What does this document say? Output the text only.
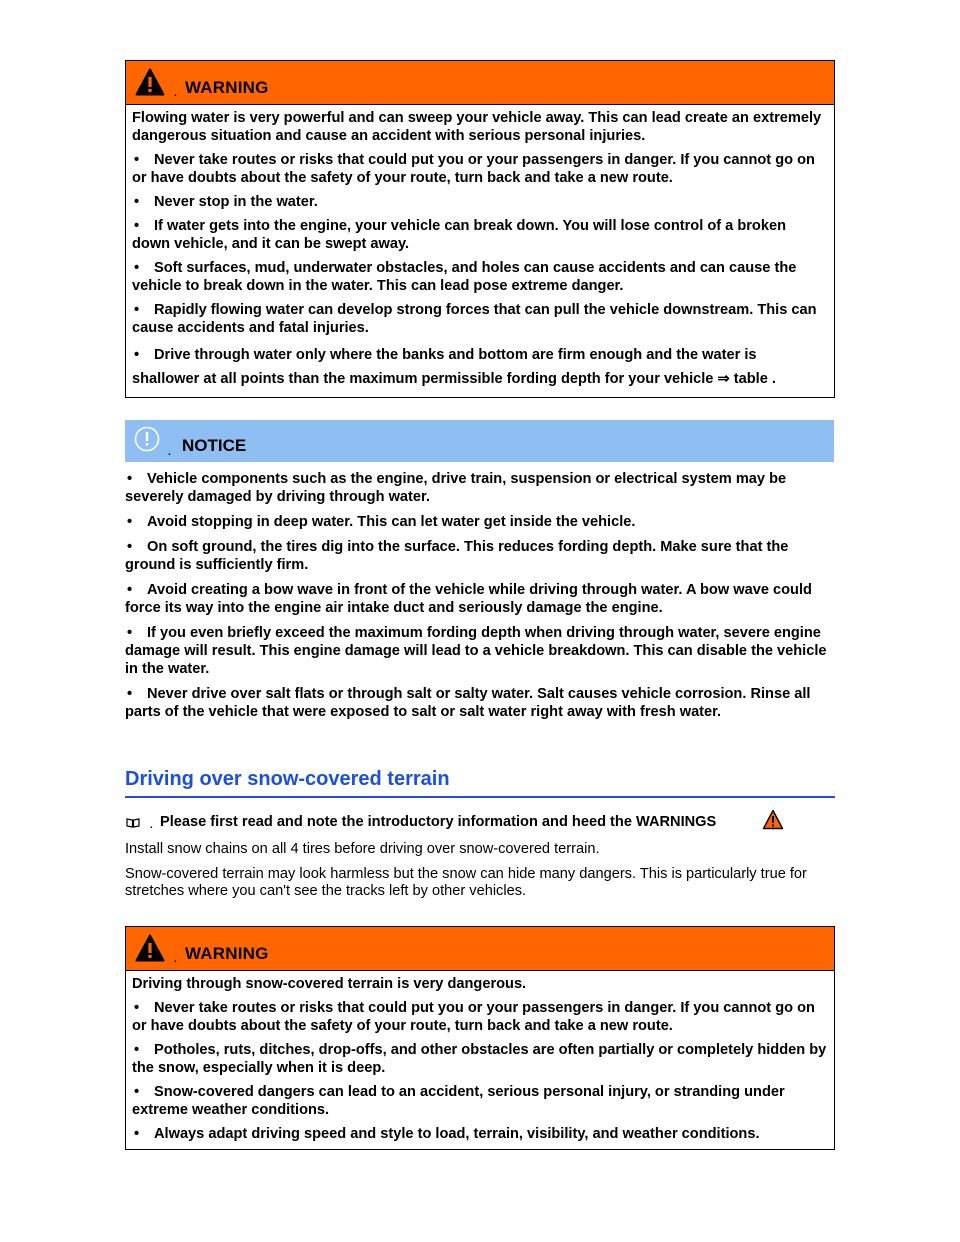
. WARNING

Flowing water is very powerful and can sweep your vehicle away. This can lead create an extremely dangerous situation and cause an accident with serious personal injuries.

• Never take routes or risks that could put you or your passengers in danger. If you cannot go on or have doubts about the safety of your route, turn back and take a new route.

• Never stop in the water.

• If water gets into the engine, your vehicle can break down. You will lose control of a broken down vehicle, and it can be swept away.

• Soft surfaces, mud, underwater obstacles, and holes can cause accidents and can cause the vehicle to break down in the water. This can lead pose extreme danger.

• Rapidly flowing water can develop strong forces that can pull the vehicle downstream. This can cause accidents and fatal injuries.

• Drive through water only where the banks and bottom are firm enough and the water is shallower at all points than the maximum permissible fording depth for your vehicle ⇒ table .

. NOTICE

• Vehicle components such as the engine, drive train, suspension or electrical system may be severely damaged by driving through water.

• Avoid stopping in deep water. This can let water get inside the vehicle.

• On soft ground, the tires dig into the surface. This reduces fording depth. Make sure that the ground is sufficiently firm.

• Avoid creating a bow wave in front of the vehicle while driving through water. A bow wave could force its way into the engine air intake duct and seriously damage the engine.

• If you even briefly exceed the maximum fording depth when driving through water, severe engine damage will result. This engine damage will lead to a vehicle breakdown. This can disable the vehicle in the water.

• Never drive over salt flats or through salt or salty water. Salt causes vehicle corrosion. Rinse all parts of the vehicle that were exposed to salt or salt water right away with fresh water.

Driving over snow-covered terrain
. Please first read and note the introductory information and heed the WARNINGS

Install snow chains on all 4 tires before driving over snow-covered terrain.

Snow-covered terrain may look harmless but the snow can hide many dangers. This is particularly true for stretches where you can't see the tracks left by other vehicles.

. WARNING

Driving through snow-covered terrain is very dangerous.

• Never take routes or risks that could put you or your passengers in danger. If you cannot go on or have doubts about the safety of your route, turn back and take a new route.

• Potholes, ruts, ditches, drop-offs, and other obstacles are often partially or completely hidden by the snow, especially when it is deep.

• Snow-covered dangers can lead to an accident, serious personal injury, or stranding under extreme weather conditions.

• Always adapt driving speed and style to load, terrain, visibility, and weather conditions.
